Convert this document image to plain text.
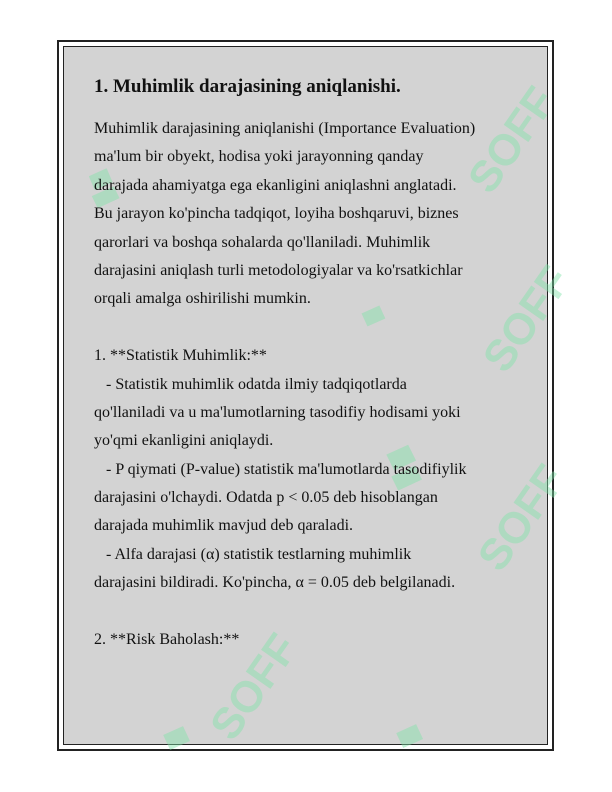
SOFF
SOFF
SOFF
SOFF
1. Muhimlik darajasining aniqlanishi.
Muhimlik darajasining aniqlanishi (Importance Evaluation)
ma'lum bir obyekt, hodisa yoki jarayonning qanday
darajada ahamiyatga ega ekanligini aniqlashni anglatadi.
Bu jarayon ko'pincha tadqiqot, loyiha boshqaruvi, biznes
qarorlari va boshqa sohalarda qo'llaniladi. Muhimlik
darajasini aniqlash turli metodologiyalar va ko'rsatkichlar
orqali amalga oshirilishi mumkin.
1. **Statistik Muhimlik:**
- Statistik muhimlik odatda ilmiy tadqiqotlarda
qo'llaniladi va u ma'lumotlarning tasodifiy hodisami yoki
yo'qmi ekanligini aniqlaydi.
- P qiymati (P-value) statistik ma'lumotlarda tasodifiylik
darajasini o'lchaydi. Odatda p < 0.05 deb hisoblangan
darajada muhimlik mavjud deb qaraladi.
- Alfa darajasi (α) statistik testlarning muhimlik
darajasini bildiradi. Ko'pincha, α = 0.05 deb belgilanadi.
2. **Risk Baholash:**
